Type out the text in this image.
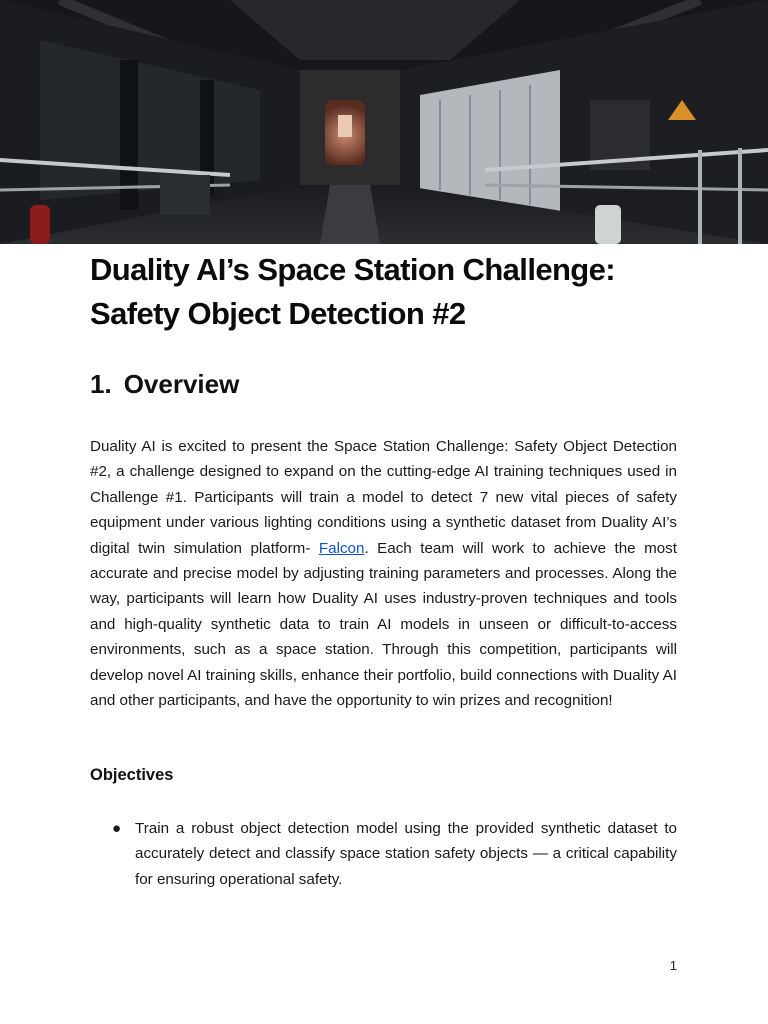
Duality AI’s Space Station Challenge: Safety Object Detection #2
1. Overview

Duality AI is excited to present the Space Station Challenge: Safety Object Detection #2, a challenge designed to expand on the cutting-edge AI training techniques used in Challenge #1. Participants will train a model to detect 7 new vital pieces of safety equipment under various lighting conditions using a synthetic dataset from Duality AI’s digital twin simulation platform- Falcon. Each team will work to achieve the most accurate and precise model by adjusting training parameters and processes. Along the way, participants will learn how Duality AI uses industry-proven techniques and tools and high-quality synthetic data to train AI models in unseen or difficult-to-access environments, such as a space station. Through this competition, participants will develop novel AI training skills, enhance their portfolio, build connections with Duality AI and other participants, and have the opportunity to win prizes and recognition!

Objectives
● Train a robust object detection model using the provided synthetic dataset to accurately detect and classify space station safety objects — a critical capability for ensuring operational safety.
1
